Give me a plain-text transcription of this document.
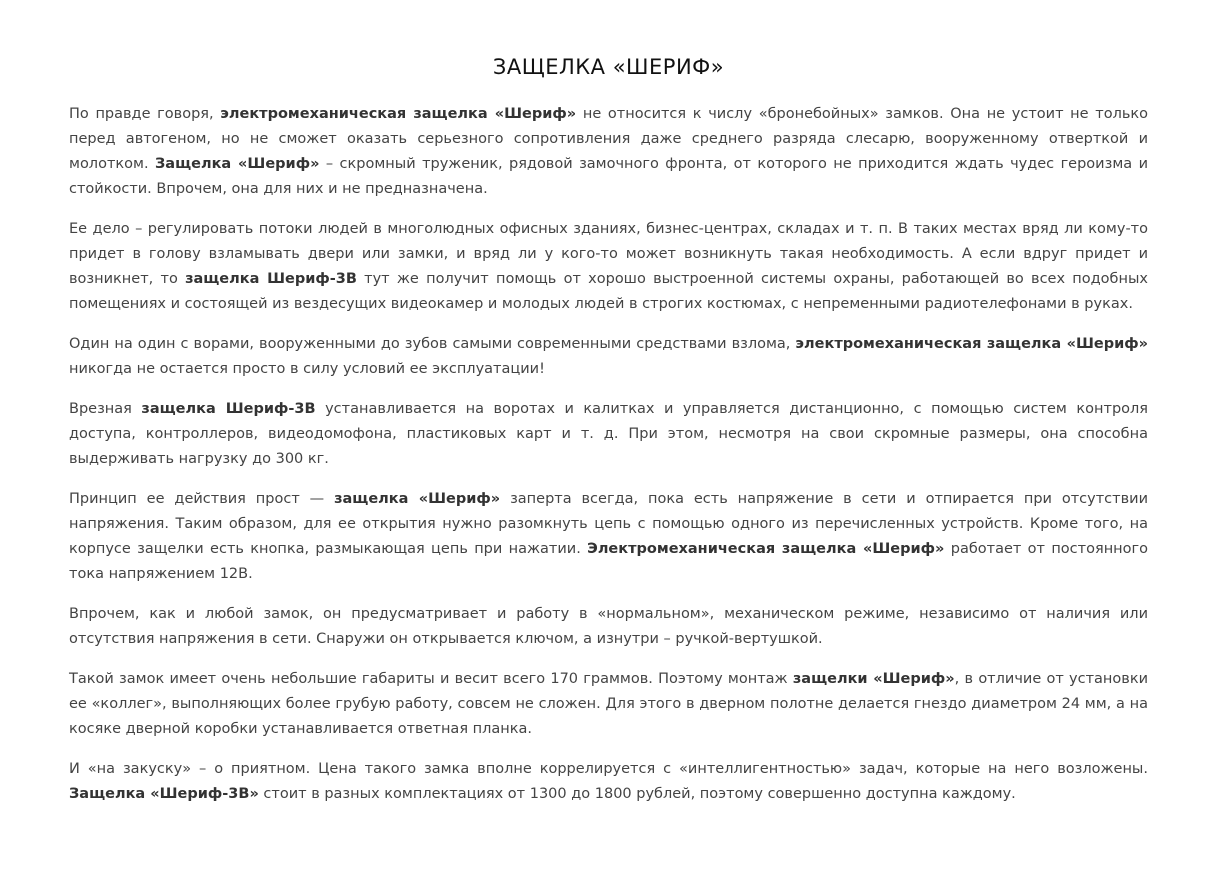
ЗАЩЕЛКА «ШЕРИФ»

По правде говоря, электромеханическая защелка «Шериф» не относится к числу «бронебойных» замков. Она не устоит не только перед автогеном, но не сможет оказать серьезного сопротивления даже среднего разряда слесарю, вооруженному отверткой и молотком. Защелка «Шериф» – скромный труженик, рядовой замочного фронта, от которого не приходится ждать чудес героизма и стойкости. Впрочем, она для них и не предназначена.

Ее дело – регулировать потоки людей в многолюдных офисных зданиях, бизнес-центрах, складах и т. п. В таких местах вряд ли кому-то придет в голову взламывать двери или замки, и вряд ли у кого-то может возникнуть такая необходимость. А если вдруг придет и возникнет, то защелка Шериф-3В тут же получит помощь от хорошо выстроенной системы охраны, работающей во всех подобных помещениях и состоящей из вездесущих видеокамер и молодых людей в строгих костюмах, с непременными радиотелефонами в руках.

Один на один с ворами, вооруженными до зубов самыми современными средствами взлома, электромеханическая защелка «Шериф» никогда не остается просто в силу условий ее эксплуатации!

Врезная защелка Шериф-3В устанавливается на воротах и калитках и управляется дистанционно, с помощью систем контроля доступа, контроллеров, видеодомофона, пластиковых карт и т. д. При этом, несмотря на свои скромные размеры, она способна выдерживать нагрузку до 300 кг.

Принцип ее действия прост — защелка «Шериф» заперта всегда, пока есть напряжение в сети и отпирается при отсутствии напряжения. Таким образом, для ее открытия нужно разомкнуть цепь с помощью одного из перечисленных устройств. Кроме того, на корпусе защелки есть кнопка, размыкающая цепь при нажатии. Электромеханическая защелка «Шериф» работает от постоянного тока напряжением 12В.

Впрочем, как и любой замок, он предусматривает и работу в «нормальном», механическом режиме, независимо от наличия или отсутствия напряжения в сети. Снаружи он открывается ключом, а изнутри – ручкой-вертушкой.

Такой замок имеет очень небольшие габариты и весит всего 170 граммов. Поэтому монтаж защелки «Шериф», в отличие от установки ее «коллег», выполняющих более грубую работу, совсем не сложен. Для этого в дверном полотне делается гнездо диаметром 24 мм, а на косяке дверной коробки устанавливается ответная планка.

И «на закуску» – о приятном. Цена такого замка вполне коррелируется с «интеллигентностью» задач, которые на него возложены. Защелка «Шериф-3В» стоит в разных комплектациях от 1300 до 1800 рублей, поэтому совершенно доступна каждому.
